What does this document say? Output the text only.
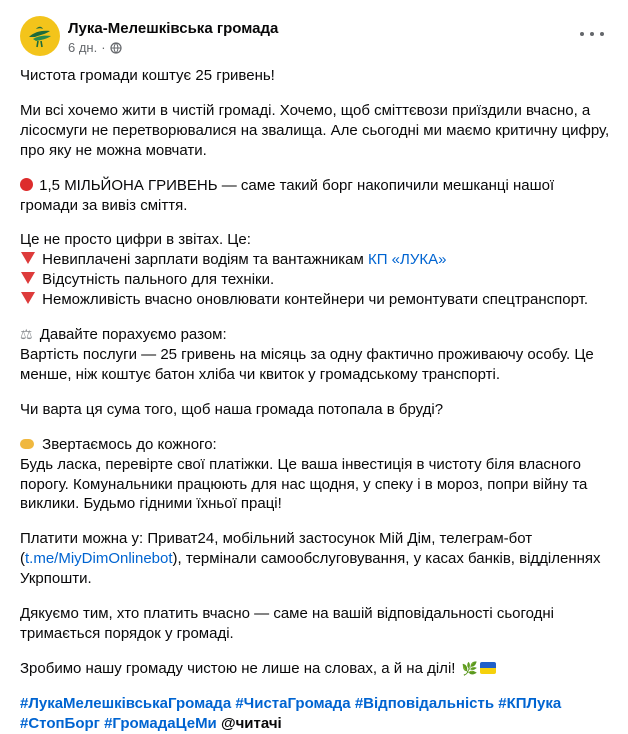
Лука-Мелешківська громада
6 дн. ·

Чистота громади коштує 25 гривень!

Ми всі хочемо жити в чистій громаді. Хочемо, щоб сміттєвози приїздили вчасно, а лісосмуги не перетворювалися на звалища. Але сьогодні ми маємо критичну цифру, про яку не можна мовчати.

1,5 МІЛЬЙОНА ГРИВЕНЬ — саме такий борг накопичили мешканці нашої громади за вивіз сміття.

Це не просто цифри в звітах. Це:

Невиплачені зарплати водіям та вантажникам КП «ЛУКА»

Відсутність пального для техніки.

Неможливість вчасно оновлювати контейнери чи ремонтувати спецтранспорт.

⚖ Давайте порахуємо разом:

Вартість послуги — 25 гривень на місяць за одну фактично проживаючу особу. Це менше, ніж коштує батон хліба чи квиток у громадському транспорті.

Чи варта ця сума того, щоб наша громада потопала в бруді?

Звертаємось до кожного:

Будь ласка, перевірте свої платіжки. Це ваша інвестиція в чистоту біля власного порогу. Комунальники працюють для нас щодня, у спеку і в мороз, попри війну та виклики. Будьмо гідними їхньої праці!

Платити можна у: Приват24, мобільний застосунок Мій Дім, телеграм-бот (t.me/MiyDimOnlinebot), термінали самообслуговування, у касах банків, відділеннях Укрпошти.

Дякуємо тим, хто платить вчасно — саме на вашій відповідальності сьогодні тримається порядок у громаді.

Зробимо нашу громаду чистою не лише на словах, а й на ділі! 🌿

#ЛукаМелешківськаГромада #ЧистаГромада #Відповідальність #КПЛука #СтопБорг #ГромадаЦеМи @читачі
